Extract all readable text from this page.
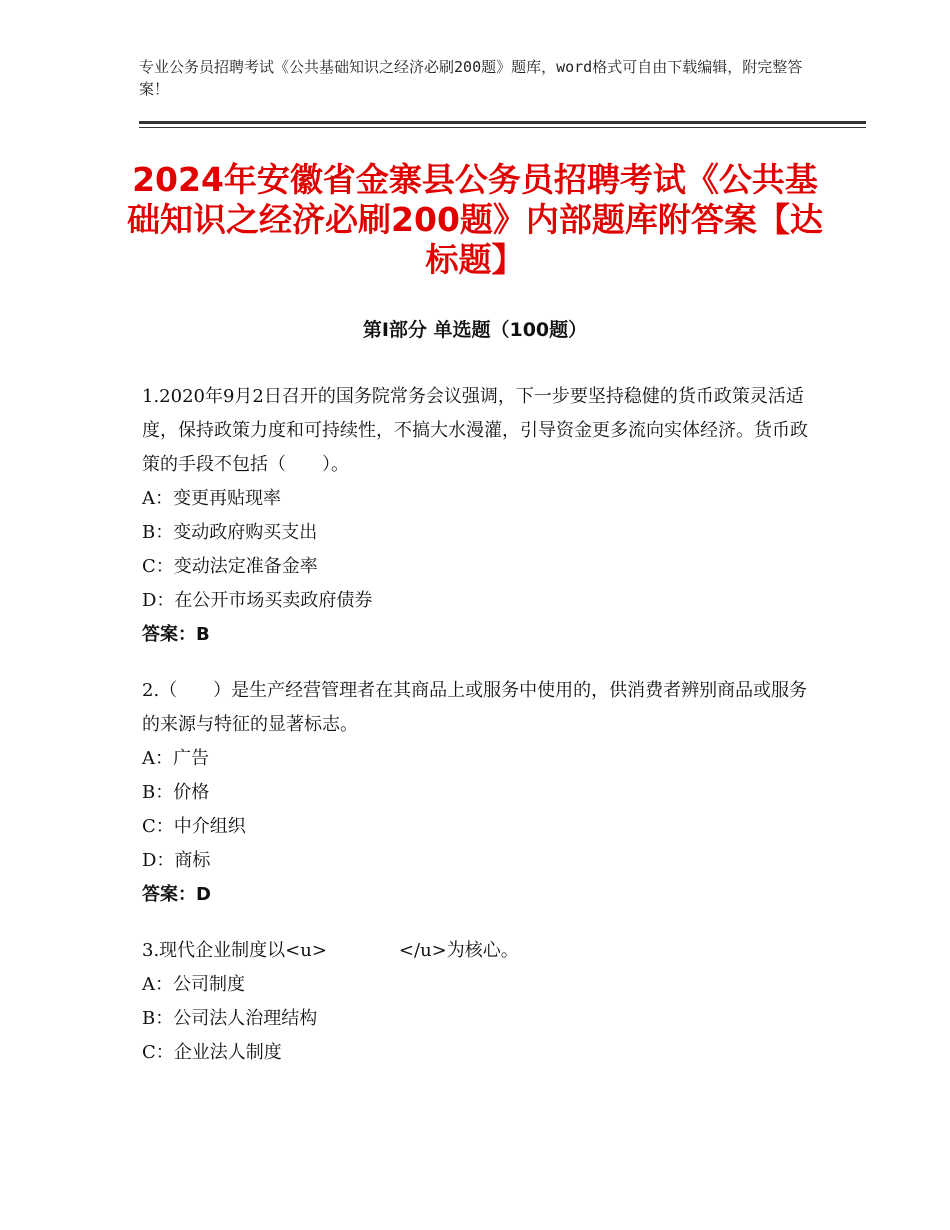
专业公务员招聘考试《公共基础知识之经济必刷200题》题库，word格式可自由下载编辑，附完整答案！
2024年安徽省金寨县公务员招聘考试《公共基础知识之经济必刷200题》内部题库附答案【达标题】
第Ⅰ部分 单选题（100题）

1.2020年9月2日召开的国务院常务会议强调，下一步要坚持稳健的货币政策灵活适度，保持政策力度和可持续性，不搞大水漫灌，引导资金更多流向实体经济。货币政策的手段不包括（　　）。

A：变更再贴现率

B：变动政府购买支出

C：变动法定准备金率

D：在公开市场买卖政府债券

答案：B

2.（　　）是生产经营管理者在其商品上或服务中使用的，供消费者辨别商品或服务的来源与特征的显著标志。

A：广告

B：价格

C：中介组织

D：商标

答案：D

3.现代企业制度以<u>　　　　</u>为核心。

A：公司制度

B：公司法人治理结构

C：企业法人制度
